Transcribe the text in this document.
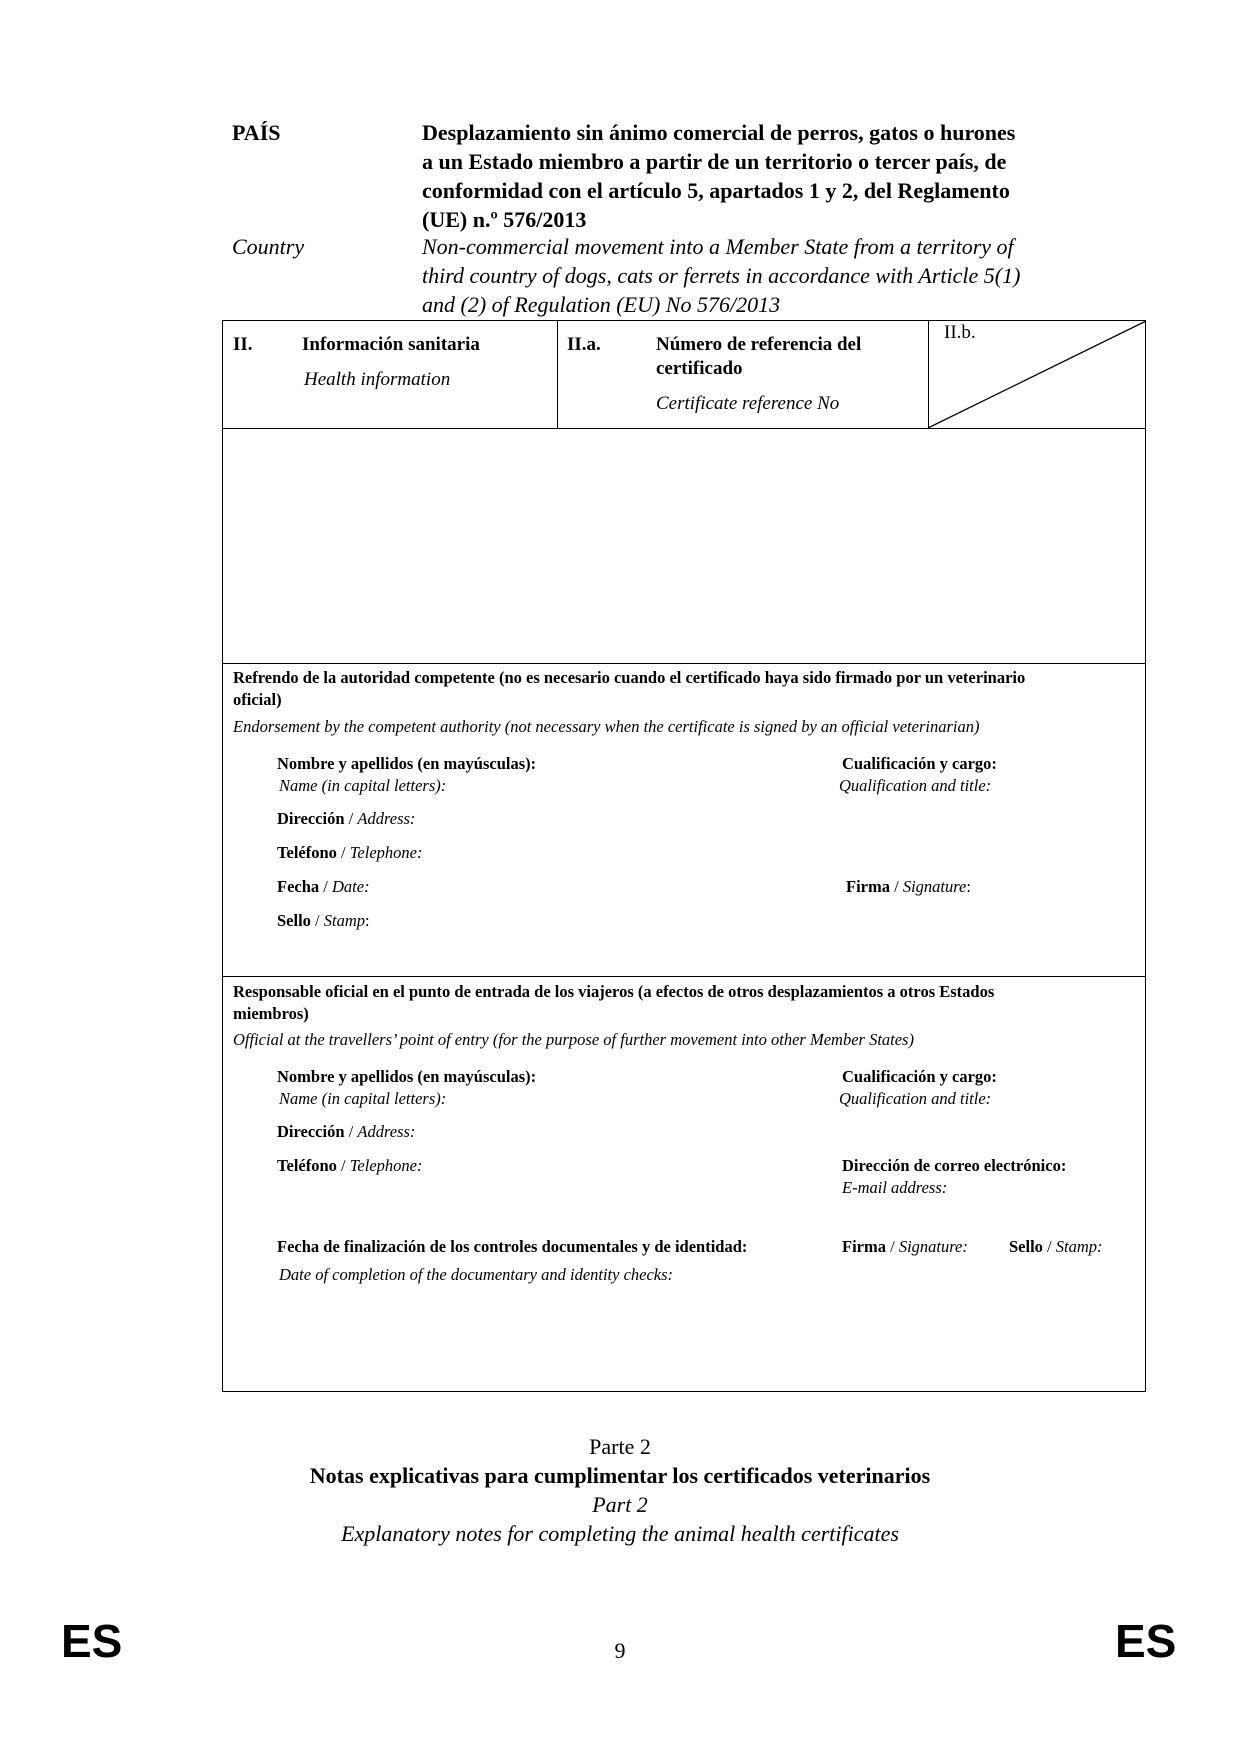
PAÍS
Country
Desplazamiento sin ánimo comercial de perros, gatos o hurones
a un Estado miembro a partir de un territorio o tercer país, de
conformidad con el artículo 5, apartados 1 y 2, del Reglamento
(UE) n.º 576/2013
Non-commercial movement into a Member State from a territory of
third country of dogs, cats or ferrets in accordance with Article 5(1)
and (2) of Regulation (EU) No 576/2013
II.	Información sanitaria
Health information
II.a.	Número de referencia del
certificado
Certificate reference No
II.b.
Refrendo de la autoridad competente (no es necesario cuando el certificado haya sido firmado por un veterinario
oficial)
Endorsement by the competent authority (not necessary when the certificate is signed by an official veterinarian)
Nombre y apellidos (en mayúsculas):
Name (in capital letters):
Cualificación y cargo:
Qualification and title:
Dirección / Address:
Teléfono / Telephone:
Fecha / Date:	Firma / Signature:
Sello / Stamp:
Responsable oficial en el punto de entrada de los viajeros (a efectos de otros desplazamientos a otros Estados
miembros)
Official at the travellers’ point of entry (for the purpose of further movement into other Member States)
Nombre y apellidos (en mayúsculas):
Name (in capital letters):
Cualificación y cargo:
Qualification and title:
Dirección / Address:
Teléfono / Telephone:	Dirección de correo electrónico:
E-mail address:
Fecha de finalización de los controles documentales y de identidad:
Date of completion of the documentary and identity checks:
Firma / Signature: Sello / Stamp:
Parte 2
Notas explicativas para cumplimentar los certificados veterinarios
Part 2
Explanatory notes for completing the animal health certificates
ES	9	ES
